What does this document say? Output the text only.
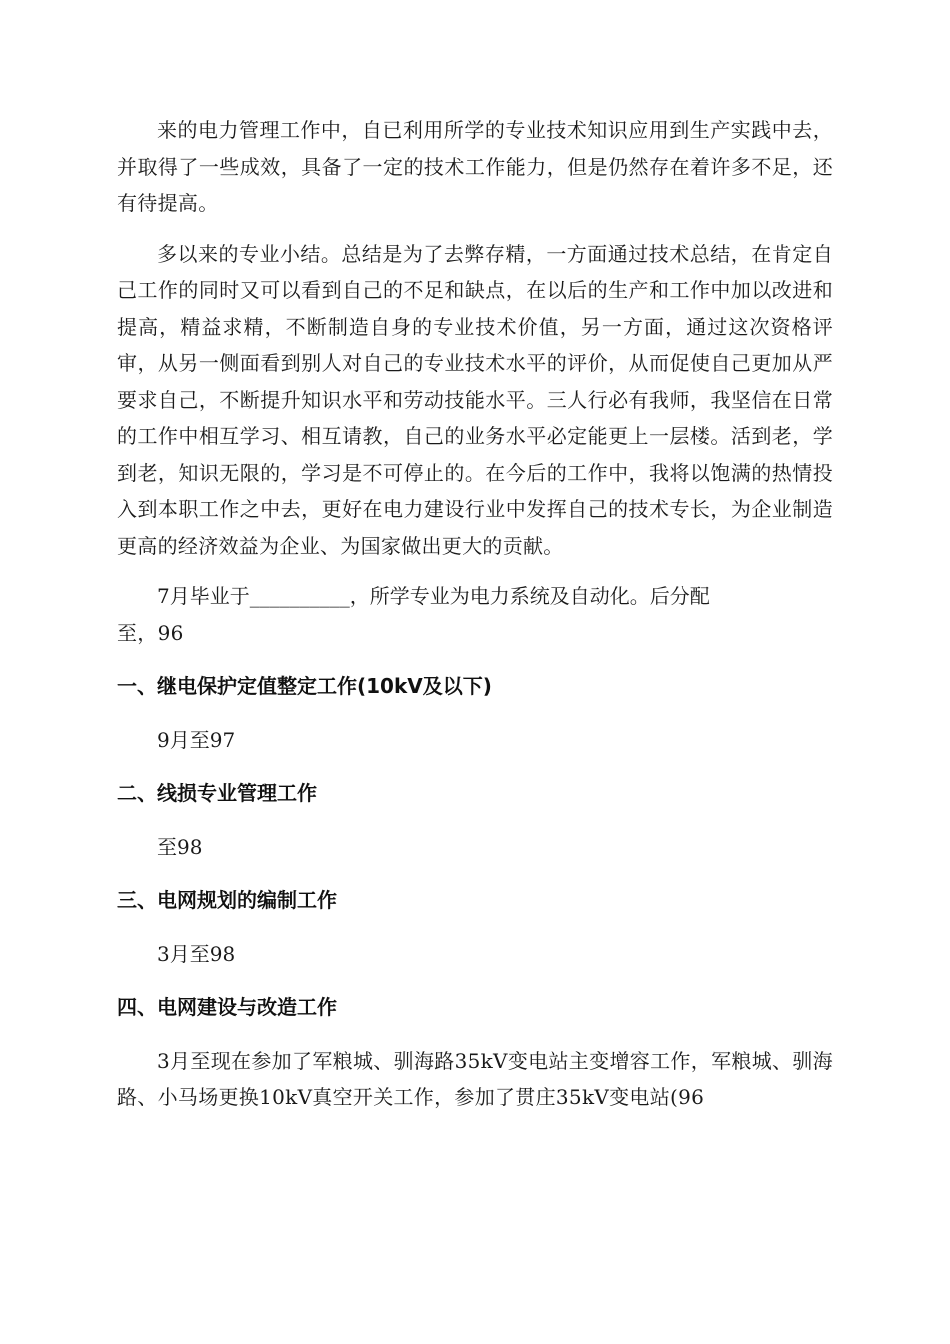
来的电力管理工作中，自已利用所学的专业技术知识应用到生产实践中去，并取得了一些成效，具备了一定的技术工作能力，但是仍然存在着许多不足，还有待提高。

多以来的专业小结。总结是为了去弊存精，一方面通过技术总结，在肯定自己工作的同时又可以看到自己的不足和缺点，在以后的生产和工作中加以改进和提高，精益求精，不断制造自身的专业技术价值，另一方面，通过这次资格评审，从另一侧面看到别人对自己的专业技术水平的评价，从而促使自己更加从严要求自己，不断提升知识水平和劳动技能水平。三人行必有我师，我坚信在日常的工作中相互学习、相互请教，自己的业务水平必定能更上一层楼。活到老，学到老，知识无限的，学习是不可停止的。在今后的工作中，我将以饱满的热情投入到本职工作之中去，更好在电力建设行业中发挥自己的技术专长，为企业制造更高的经济效益为企业、为国家做出更大的贡献。

7月毕业于__________，所学专业为电力系统及自动化。后分配

至，96

一、继电保护定值整定工作(10kV及以下)

9月至97

二、线损专业管理工作

至98

三、电网规划的编制工作

3月至98

四、电网建设与改造工作

3月至现在参加了军粮城、驯海路35kV变电站主变增容工作，军粮城、驯海路、小马场更换10kV真空开关工作，参加了贯庄35kV变电站(96
